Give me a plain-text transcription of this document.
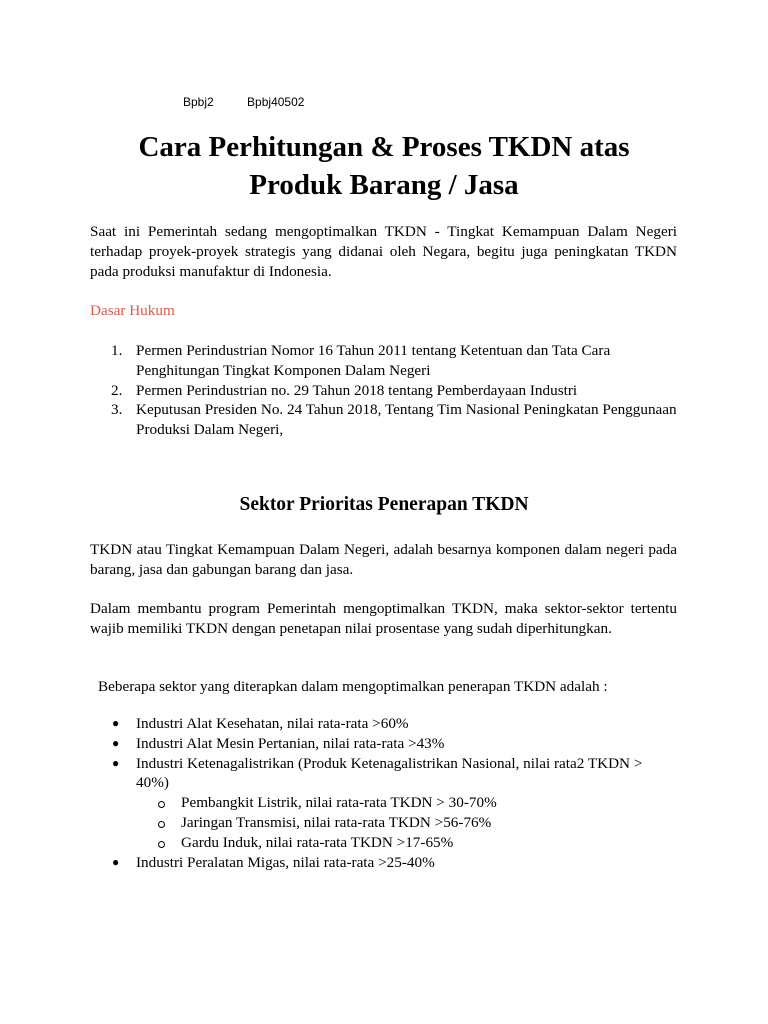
Bpbj2	Bpbj40502
Cara Perhitungan & Proses TKDN atas
Produk Barang / Jasa

Saat ini Pemerintah sedang mengoptimalkan TKDN - Tingkat Kemampuan Dalam Negeri terhadap proyek-proyek strategis yang didanai oleh Negara, begitu juga peningkatan TKDN pada produksi manufaktur di Indonesia.

Dasar Hukum
1. Permen Perindustrian Nomor 16 Tahun 2011 tentang Ketentuan dan Tata Cara Penghitungan Tingkat Komponen Dalam Negeri
2. Permen Perindustrian no. 29 Tahun 2018 tentang Pemberdayaan Industri
3. Keputusan Presiden No. 24 Tahun 2018, Tentang Tim Nasional Peningkatan Penggunaan Produksi Dalam Negeri,
Sektor Prioritas Penerapan TKDN

TKDN atau Tingkat Kemampuan Dalam Negeri, adalah besarnya komponen dalam negeri pada barang, jasa dan gabungan barang dan jasa.

Dalam membantu program Pemerintah mengoptimalkan TKDN, maka sektor-sektor tertentu wajib memiliki TKDN dengan penetapan nilai prosentase yang sudah diperhitungkan.

Beberapa sektor yang diterapkan dalam mengoptimalkan penerapan TKDN adalah :

● Industri Alat Kesehatan, nilai rata-rata >60%
● Industri Alat Mesin Pertanian, nilai rata-rata >43%
● Industri Ketenagalistrikan (Produk Ketenagalistrikan Nasional, nilai rata2 TKDN > 40%)
Pembangkit Listrik, nilai rata-rata TKDN > 30-70%
Jaringan Transmisi, nilai rata-rata TKDN >56-76%
Gardu Induk, nilai rata-rata TKDN >17-65%
● Industri Peralatan Migas, nilai rata-rata >25-40%
